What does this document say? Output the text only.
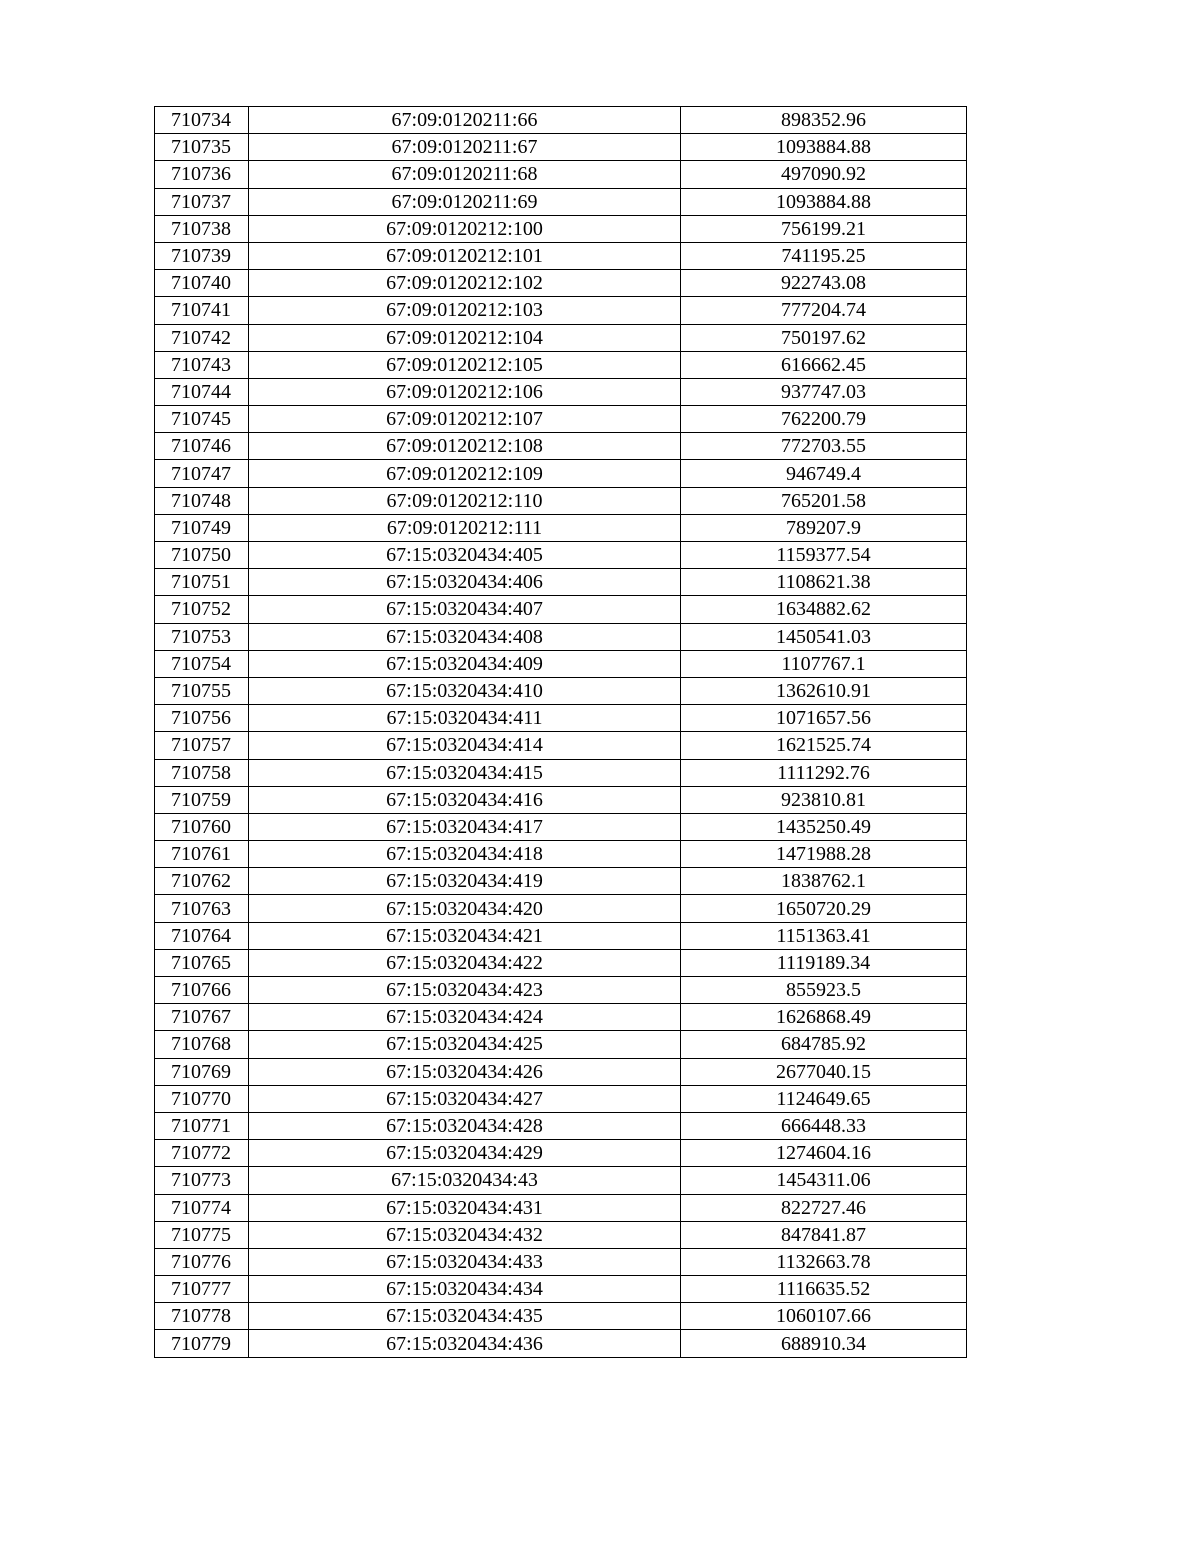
710734	67:09:0120211:66	898352.96
710735	67:09:0120211:67	1093884.88
710736	67:09:0120211:68	497090.92
710737	67:09:0120211:69	1093884.88
710738	67:09:0120212:100	756199.21
710739	67:09:0120212:101	741195.25
710740	67:09:0120212:102	922743.08
710741	67:09:0120212:103	777204.74
710742	67:09:0120212:104	750197.62
710743	67:09:0120212:105	616662.45
710744	67:09:0120212:106	937747.03
710745	67:09:0120212:107	762200.79
710746	67:09:0120212:108	772703.55
710747	67:09:0120212:109	946749.4
710748	67:09:0120212:110	765201.58
710749	67:09:0120212:111	789207.9
710750	67:15:0320434:405	1159377.54
710751	67:15:0320434:406	1108621.38
710752	67:15:0320434:407	1634882.62
710753	67:15:0320434:408	1450541.03
710754	67:15:0320434:409	1107767.1
710755	67:15:0320434:410	1362610.91
710756	67:15:0320434:411	1071657.56
710757	67:15:0320434:414	1621525.74
710758	67:15:0320434:415	1111292.76
710759	67:15:0320434:416	923810.81
710760	67:15:0320434:417	1435250.49
710761	67:15:0320434:418	1471988.28
710762	67:15:0320434:419	1838762.1
710763	67:15:0320434:420	1650720.29
710764	67:15:0320434:421	1151363.41
710765	67:15:0320434:422	1119189.34
710766	67:15:0320434:423	855923.5
710767	67:15:0320434:424	1626868.49
710768	67:15:0320434:425	684785.92
710769	67:15:0320434:426	2677040.15
710770	67:15:0320434:427	1124649.65
710771	67:15:0320434:428	666448.33
710772	67:15:0320434:429	1274604.16
710773	67:15:0320434:43	1454311.06
710774	67:15:0320434:431	822727.46
710775	67:15:0320434:432	847841.87
710776	67:15:0320434:433	1132663.78
710777	67:15:0320434:434	1116635.52
710778	67:15:0320434:435	1060107.66
710779	67:15:0320434:436	688910.34
